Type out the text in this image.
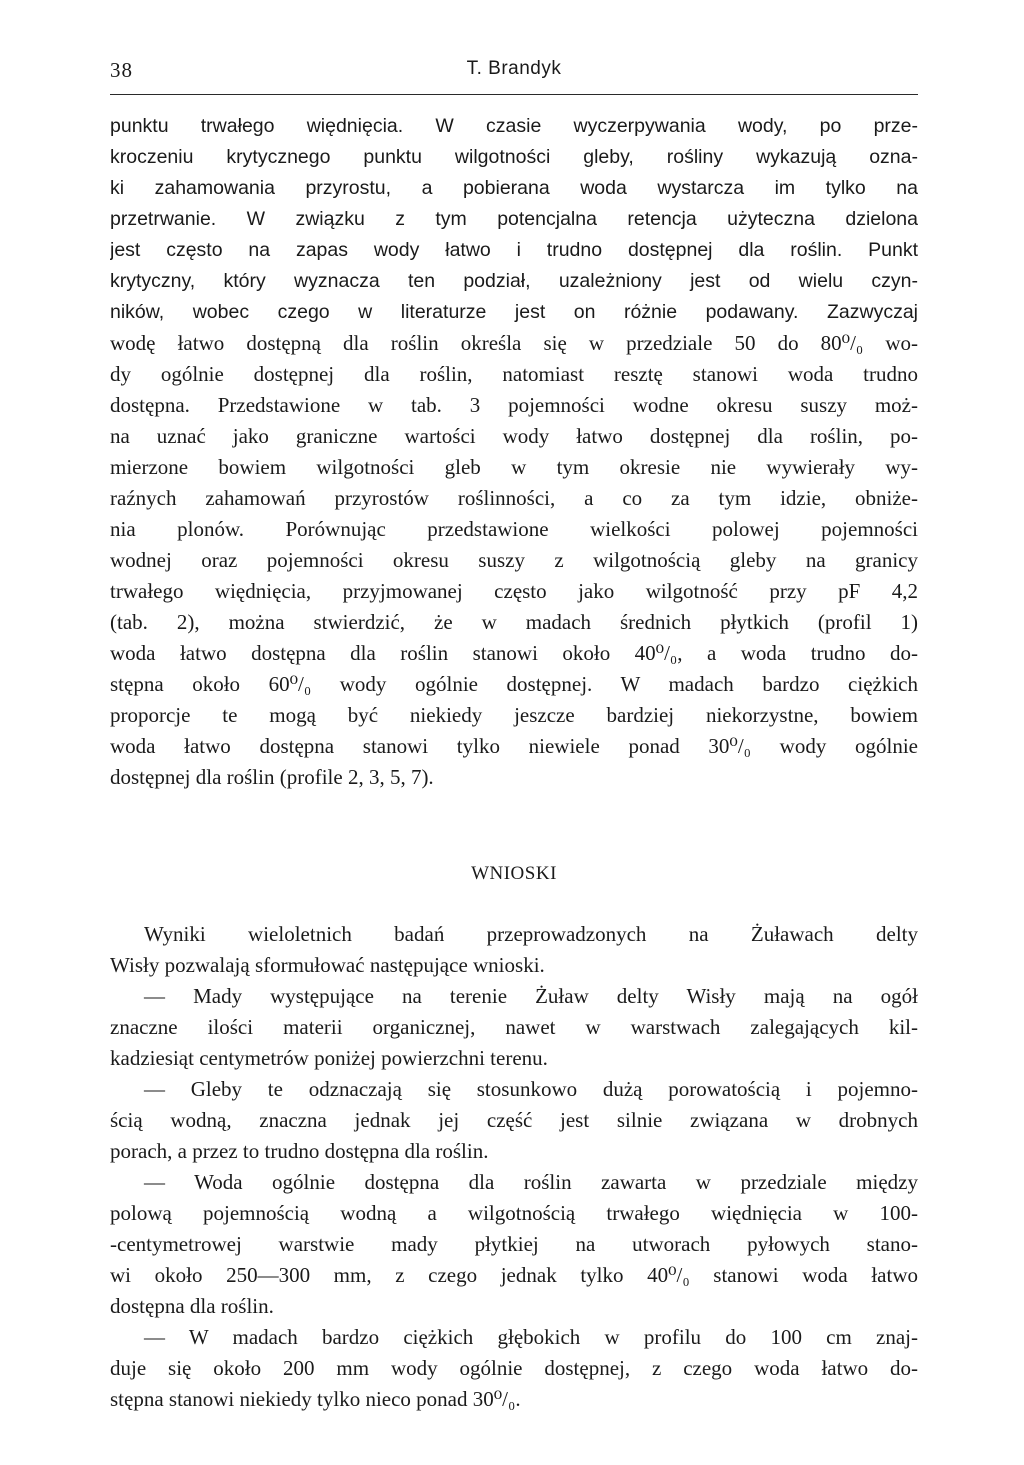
38	T. Brandyk
punktu trwałego więdnięcia. W czasie wyczerpywania wody, po prze-
kroczeniu krytycznego punktu wilgotności gleby, rośliny wykazują ozna-
ki zahamowania przyrostu, a pobierana woda wystarcza im tylko na
przetrwanie. W związku z tym potencjalna retencja użyteczna dzielona
jest często na zapas wody łatwo i trudno dostępnej dla roślin. Punkt
krytyczny, który wyznacza ten podział, uzależniony jest od wielu czyn-
ników, wobec czego w literaturze jest on różnie podawany. Zazwyczaj
wodę łatwo dostępną dla roślin określa się w przedziale 50 do 80⁰/₀ wo-
dy ogólnie dostępnej dla roślin, natomiast resztę stanowi woda trudno
dostępna. Przedstawione w tab. 3 pojemności wodne okresu suszy moż-
na uznać jako graniczne wartości wody łatwo dostępnej dla roślin, po-
mierzone bowiem wilgotności gleb w tym okresie nie wywierały wy-
raźnych zahamowań przyrostów roślinności, a co za tym idzie, obniże-
nia plonów. Porównując przedstawione wielkości polowej pojemności
wodnej oraz pojemności okresu suszy z wilgotnością gleby na granicy
trwałego więdnięcia, przyjmowanej często jako wilgotność przy pF 4,2
(tab. 2), można stwierdzić, że w madach średnich płytkich (profil 1)
woda łatwo dostępna dla roślin stanowi około 40⁰/₀, a woda trudno do-
stępna około 60⁰/₀ wody ogólnie dostępnej. W madach bardzo ciężkich
proporcje te mogą być niekiedy jeszcze bardziej niekorzystne, bowiem
woda łatwo dostępna stanowi tylko niewiele ponad 30⁰/₀ wody ogólnie
dostępnej dla roślin (profile 2, 3, 5, 7).
WNIOSKI
Wyniki wieloletnich badań przeprowadzonych na Żuławach delty
Wisły pozwalają sformułować następujące wnioski.
— Mady występujące na terenie Żuław delty Wisły mają na ogół
znaczne ilości materii organicznej, nawet w warstwach zalegających kil-
kadziesiąt centymetrów poniżej powierzchni terenu.
— Gleby te odznaczają się stosunkowo dużą porowatością i pojemno-
ścią wodną, znaczna jednak jej część jest silnie związana w drobnych
porach, a przez to trudno dostępna dla roślin.
— Woda ogólnie dostępna dla roślin zawarta w przedziale między
polową pojemnością wodną a wilgotnością trwałego więdnięcia w 100-
-centymetrowej warstwie mady płytkiej na utworach pyłowych stano-
wi około 250—300 mm, z czego jednak tylko 40⁰/₀ stanowi woda łatwo
dostępna dla roślin.
— W madach bardzo ciężkich głębokich w profilu do 100 cm znaj-
duje się około 200 mm wody ogólnie dostępnej, z czego woda łatwo do-
stępna stanowi niekiedy tylko nieco ponad 30⁰/₀.
